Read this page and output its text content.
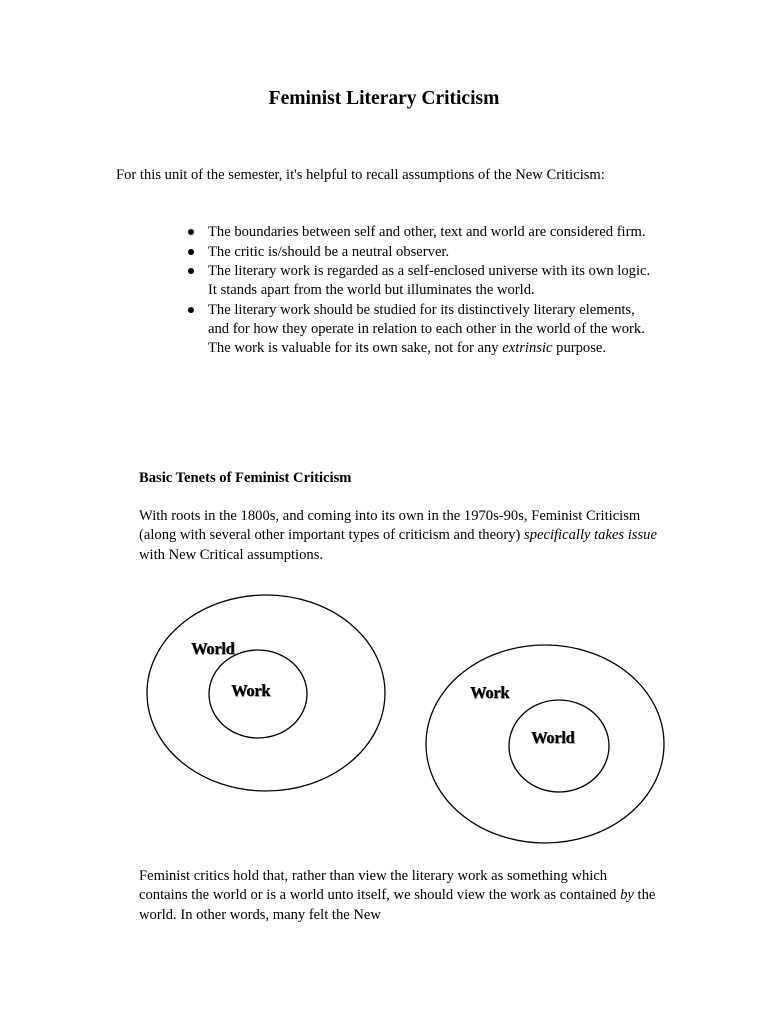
Feminist Literary Criticism

For this unit of the semester, it's helpful to recall assumptions of the New Criticism:

The boundaries between self and other, text and world are considered firm.
The critic is/should be a neutral observer.
The literary work is regarded as a self-enclosed universe with its own logic. It stands apart from the world but illuminates the world.
The literary work should be studied for its distinctively literary elements, and for how they operate in relation to each other in the world of the work. The work is valuable for its own sake, not for any extrinsic purpose.

Basic Tenets of Feminist Criticism

With roots in the 1800s, and coming into its own in the 1970s-90s, Feminist Criticism (along with several other important types of criticism and theory) specifically takes issue with New Critical assumptions.

World
Work	Work
World

Feminist critics hold that, rather than view the literary work as something which contains the world or is a world unto itself, we should view the work as contained by the world. In other words, many felt the New
